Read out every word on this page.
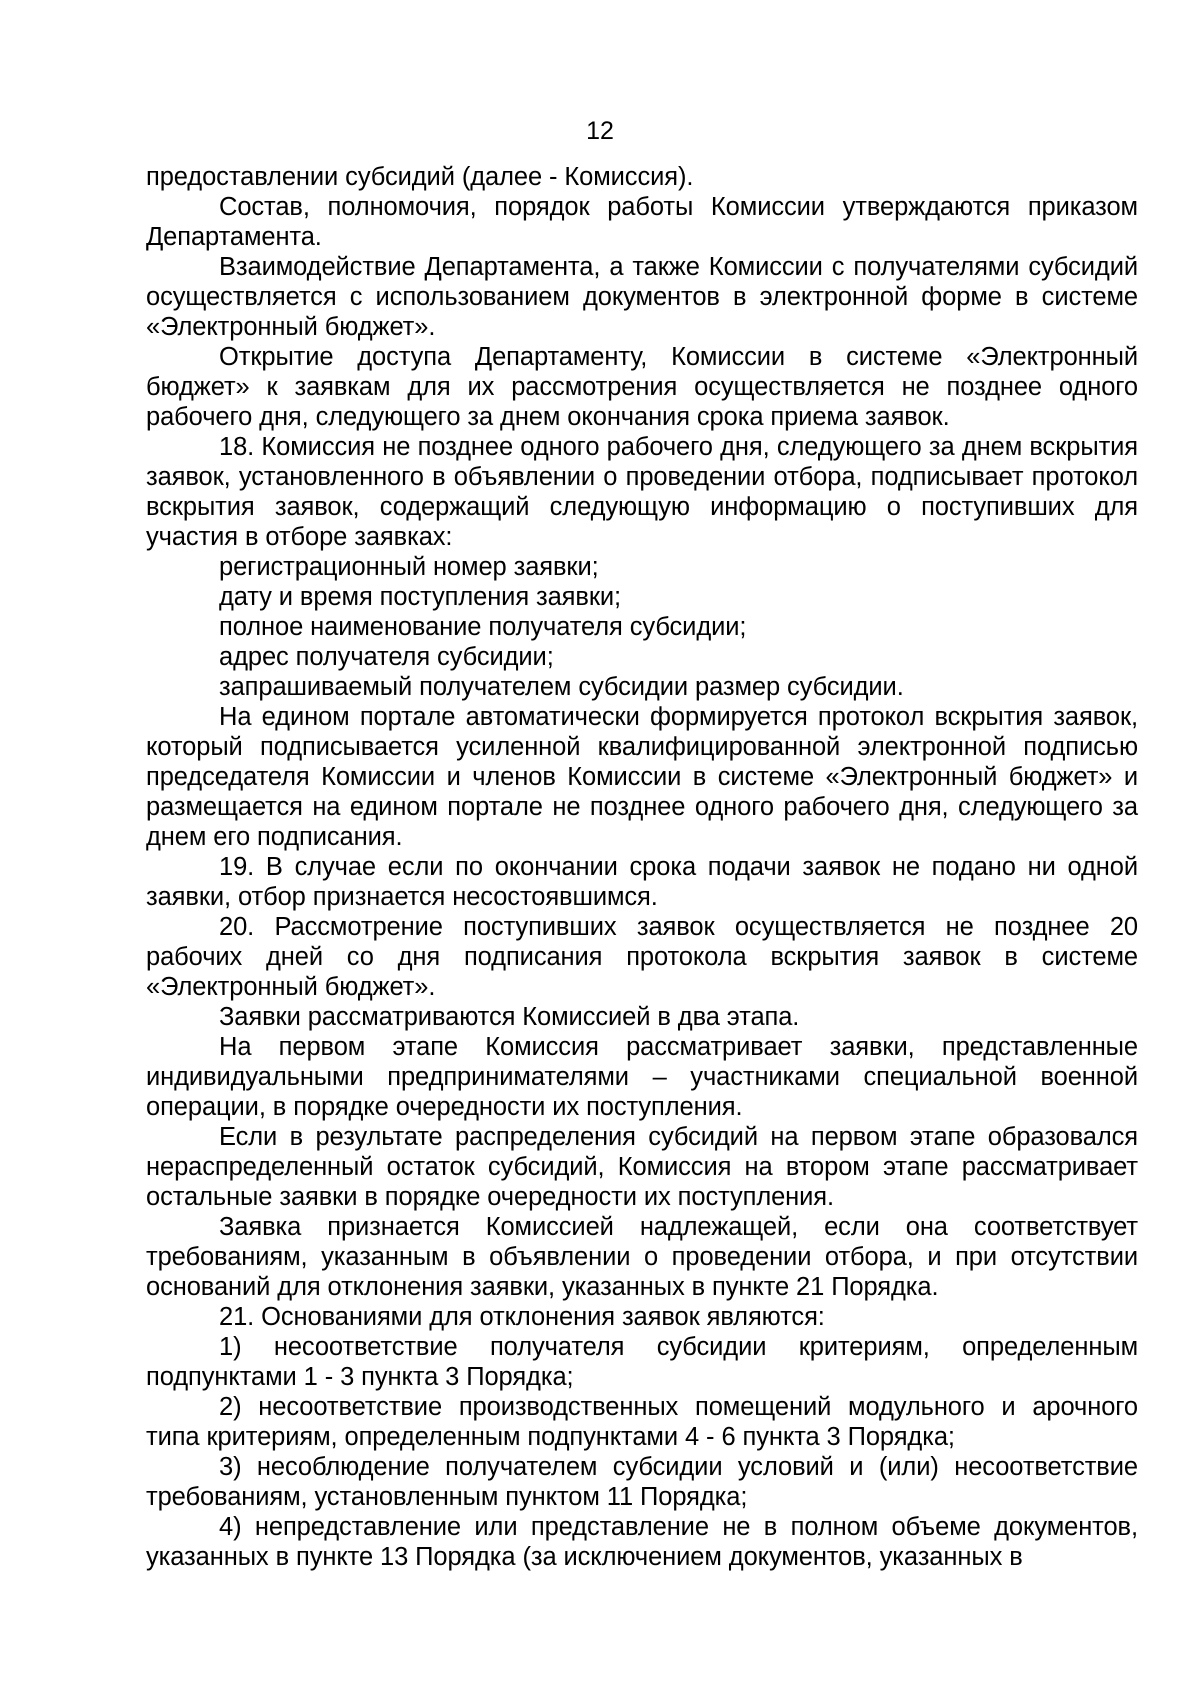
12

предоставлении субсидий (далее - Комиссия).

Состав, полномочия, порядок работы Комиссии утверждаются приказом Департамента.

Взаимодействие Департамента, а также Комиссии с получателями субсидий осуществляется с использованием документов в электронной форме в системе «Электронный бюджет».

Открытие доступа Департаменту, Комиссии в системе «Электронный бюджет» к заявкам для их рассмотрения осуществляется не позднее одного рабочего дня, следующего за днем окончания срока приема заявок.

18. Комиссия не позднее одного рабочего дня, следующего за днем вскрытия заявок, установленного в объявлении о проведении отбора, подписывает протокол вскрытия заявок, содержащий следующую информацию о поступивших для участия в отборе заявках:

регистрационный номер заявки;

дату и время поступления заявки;

полное наименование получателя субсидии;

адрес получателя субсидии;

запрашиваемый получателем субсидии размер субсидии.

На едином портале автоматически формируется протокол вскрытия заявок, который подписывается усиленной квалифицированной электронной подписью председателя Комиссии и членов Комиссии в системе «Электронный бюджет» и размещается на едином портале не позднее одного рабочего дня, следующего за днем его подписания.

19. В случае если по окончании срока подачи заявок не подано ни одной заявки, отбор признается несостоявшимся.

20. Рассмотрение поступивших заявок осуществляется не позднее 20 рабочих дней со дня подписания протокола вскрытия заявок в системе «Электронный бюджет».

Заявки рассматриваются Комиссией в два этапа.

На первом этапе Комиссия рассматривает заявки, представленные индивидуальными предпринимателями – участниками специальной военной операции, в порядке очередности их поступления.

Если в результате распределения субсидий на первом этапе образовался нераспределенный остаток субсидий, Комиссия на втором этапе рассматривает остальные заявки в порядке очередности их поступления.

Заявка признается Комиссией надлежащей, если она соответствует требованиям, указанным в объявлении о проведении отбора, и при отсутствии оснований для отклонения заявки, указанных в пункте 21 Порядка.

21. Основаниями для отклонения заявок являются:

1) несоответствие получателя субсидии критериям, определенным подпунктами 1 - 3 пункта 3 Порядка;

2) несоответствие производственных помещений модульного и арочного типа критериям, определенным подпунктами 4 - 6 пункта 3 Порядка;

3) несоблюдение получателем субсидии условий и (или) несоответствие требованиям, установленным пунктом 11 Порядка;

4) непредставление или представление не в полном объеме документов, указанных в пункте 13 Порядка (за исключением документов, указанных в
